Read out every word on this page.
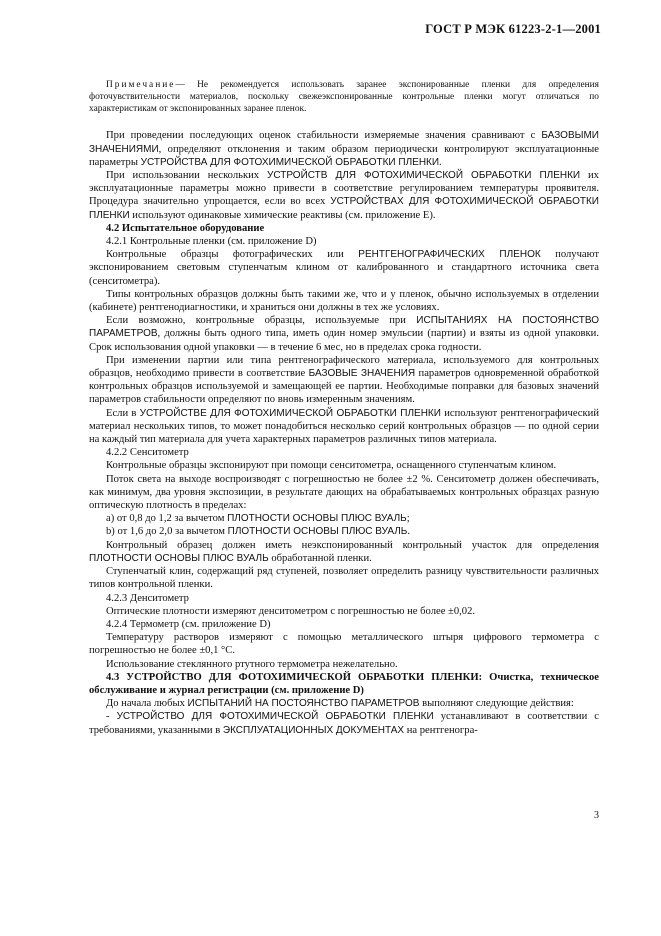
ГОСТ Р МЭК 61223-2-1—2001

Примечание— Не рекомендуется использовать заранее экспонированные пленки для определения фоточувствительности материалов, поскольку свежеэкспонированные контрольные пленки могут отличаться по характеристикам от экспонированных заранее пленок.

При проведении последующих оценок стабильности измеряемые значения сравнивают с БАЗОВЫМИ ЗНАЧЕНИЯМИ, определяют отклонения и таким образом периодически контролируют эксплуатационные параметры УСТРОЙСТВА ДЛЯ ФОТОХИМИЧЕСКОЙ ОБРАБОТКИ ПЛЕНКИ.

При использовании нескольких УСТРОЙСТВ ДЛЯ ФОТОХИМИЧЕСКОЙ ОБРАБОТКИ ПЛЕНКИ их эксплуатационные параметры можно привести в соответствие регулированием температуры проявителя. Процедура значительно упрощается, если во всех УСТРОЙСТВАХ ДЛЯ ФОТОХИМИЧЕСКОЙ ОБРАБОТКИ ПЛЕНКИ используют одинаковые химические реактивы (см. приложение Е).

4.2 Испытательное оборудование

4.2.1 Контрольные пленки (см. приложение D)

Контрольные образцы фотографических или РЕНТГЕНОГРАФИЧЕСКИХ ПЛЕНОК получают экспонированием световым ступенчатым клином от калиброванного и стандартного источника света (сенситометра).

Типы контрольных образцов должны быть такими же, что и у пленок, обычно используемых в отделении (кабинете) рентгенодиагностики, и храниться они должны в тех же условиях.

Если возможно, контрольные образцы, используемые при ИСПЫТАНИЯХ НА ПОСТОЯНСТВО ПАРАМЕТРОВ, должны быть одного типа, иметь один номер эмульсии (партии) и взяты из одной упаковки. Срок использования одной упаковки — в течение 6 мес, но в пределах срока годности.

При изменении партии или типа рентгенографического материала, используемого для контрольных образцов, необходимо привести в соответствие БАЗОВЫЕ ЗНАЧЕНИЯ параметров одновременной обработкой контрольных образцов используемой и замещающей ее партии. Необходимые поправки для базовых значений параметров стабильности определяют по вновь измеренным значениям.

Если в УСТРОЙСТВЕ ДЛЯ ФОТОХИМИЧЕСКОЙ ОБРАБОТКИ ПЛЕНКИ используют рентгенографический материал нескольких типов, то может понадобиться несколько серий контрольных образцов — по одной серии на каждый тип материала для учета характерных параметров различных типов материала.

4.2.2 Сенситометр

Контрольные образцы экспонируют при помощи сенситометра, оснащенного ступенчатым клином.

Поток света на выходе воспроизводят с погрешностью не более ±2 %. Сенситометр должен обеспечивать, как минимум, два уровня экспозиции, в результате дающих на обрабатываемых контрольных образцах разную оптическую плотность в пределах:

а) от 0,8 до 1,2 за вычетом ПЛОТНОСТИ ОСНОВЫ ПЛЮС ВУАЛЬ;

b) от 1,6 до 2,0 за вычетом ПЛОТНОСТИ ОСНОВЫ ПЛЮС ВУАЛЬ.

Контрольный образец должен иметь неэкспонированный контрольный участок для определения ПЛОТНОСТИ ОСНОВЫ ПЛЮС ВУАЛЬ обработанной пленки.

Ступенчатый клин, содержащий ряд ступеней, позволяет определить разницу чувствительности различных типов контрольной пленки.

4.2.3 Денситометр

Оптические плотности измеряют денситометром с погрешностью не более ±0,02.

4.2.4 Термометр (см. приложение D)

Температуру растворов измеряют с помощью металлического штыря цифрового термометра с погрешностью не более ±0,1 °С.

Использование стеклянного ртутного термометра нежелательно.

4.3 УСТРОЙСТВО ДЛЯ ФОТОХИМИЧЕСКОЙ ОБРАБОТКИ ПЛЕНКИ: Очистка, техническое обслуживание и журнал регистрации (см. приложение D)

До начала любых ИСПЫТАНИЙ НА ПОСТОЯНСТВО ПАРАМЕТРОВ выполняют следующие действия:

- УСТРОЙСТВО ДЛЯ ФОТОХИМИЧЕСКОЙ ОБРАБОТКИ ПЛЕНКИ устанавливают в соответствии с требованиями, указанными в ЭКСПЛУАТАЦИОННЫХ ДОКУМЕНТАХ на рентгеногра-

3
